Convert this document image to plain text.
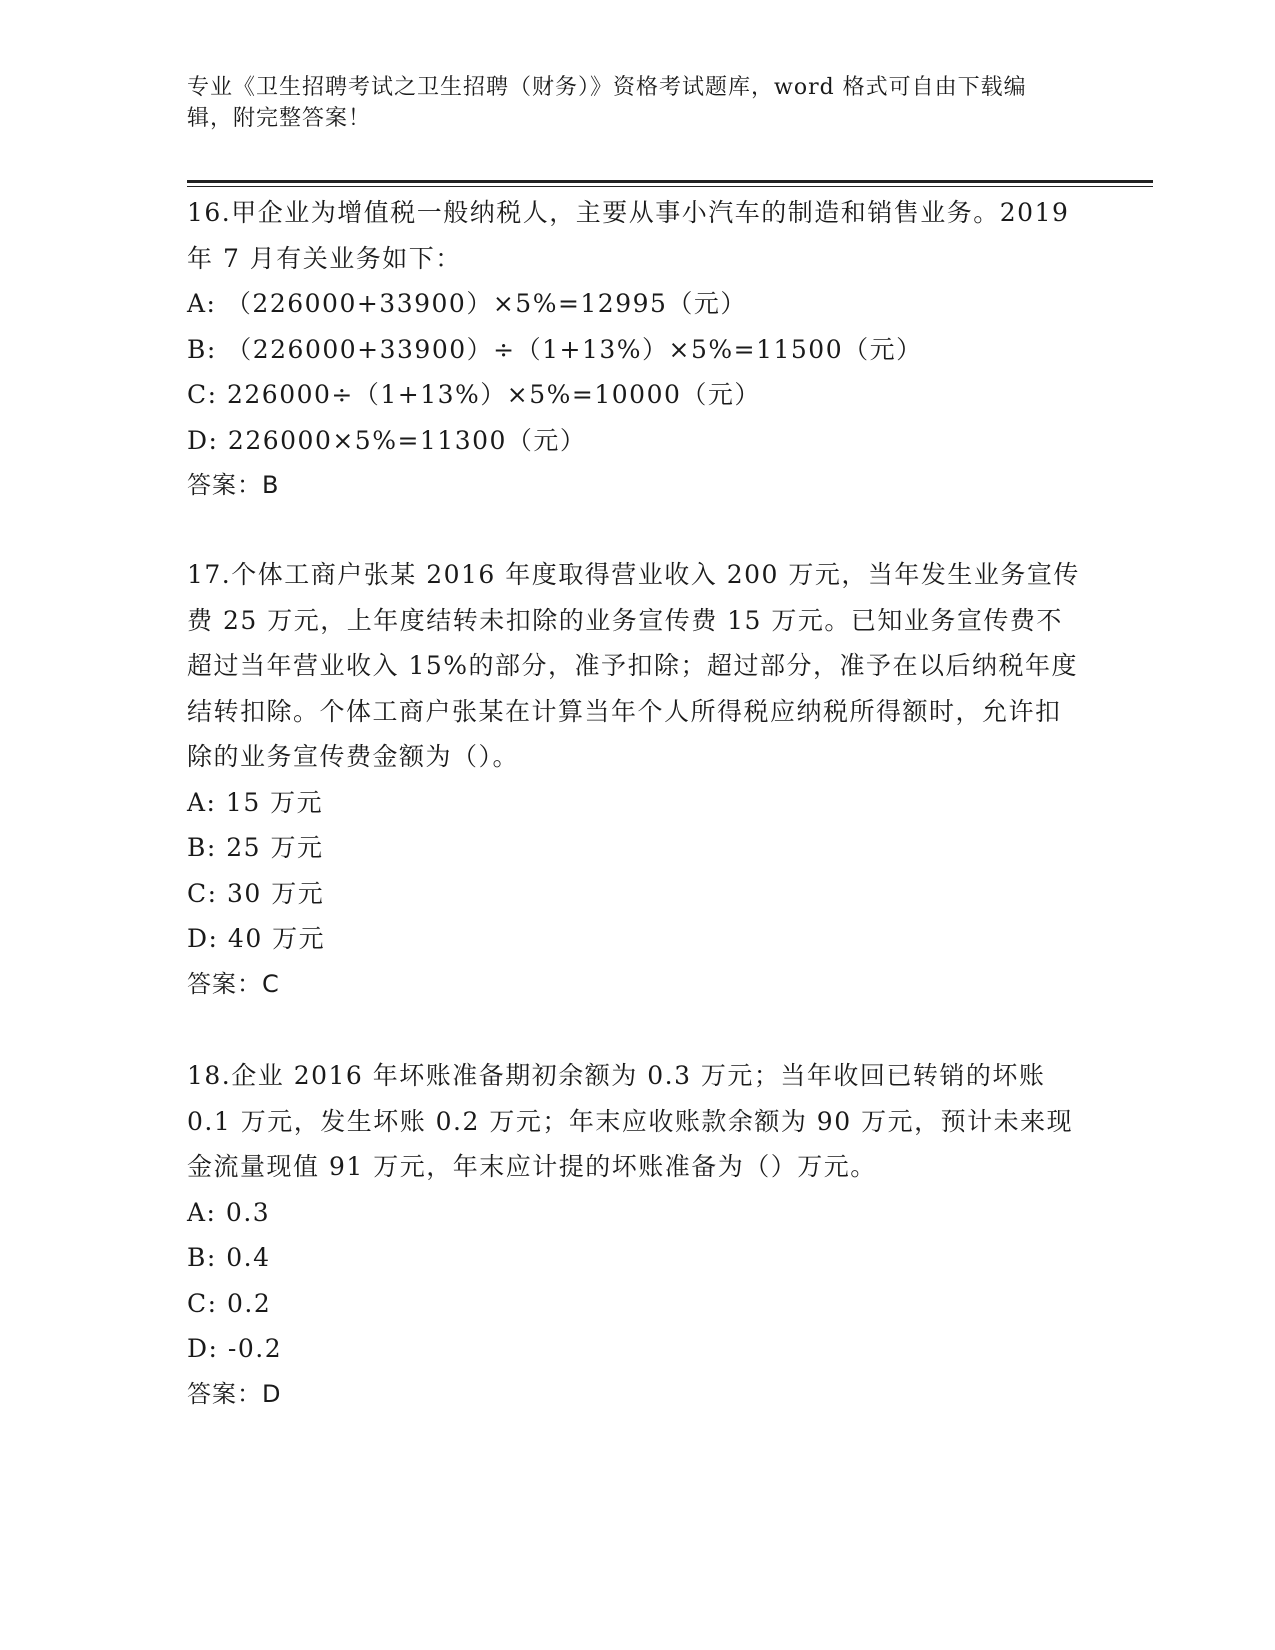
专业《卫生招聘考试之卫生招聘（财务）》资格考试题库，word 格式可自由下载编辑，附完整答案！

16.甲企业为增值税一般纳税人，主要从事小汽车的制造和销售业务。2019 年 7 月有关业务如下：

A: （226000+33900）×5%=12995（元）

B: （226000+33900）÷（1+13%）×5%=11500（元）

C: 226000÷（1+13%）×5%=10000（元）

D: 226000×5%=11300（元）

答案：B

17.个体工商户张某 2016 年度取得营业收入 200 万元，当年发生业务宣传费 25 万元，上年度结转未扣除的业务宣传费 15 万元。已知业务宣传费不超过当年营业收入 15%的部分，准予扣除；超过部分，准予在以后纳税年度结转扣除。个体工商户张某在计算当年个人所得税应纳税所得额时，允许扣除的业务宣传费金额为（）。

A: 15 万元

B: 25 万元

C: 30 万元

D: 40 万元

答案：C

18.企业 2016 年坏账准备期初余额为 0.3 万元；当年收回已转销的坏账 0.1 万元，发生坏账 0.2 万元；年末应收账款余额为 90 万元，预计未来现金流量现值 91 万元，年末应计提的坏账准备为（）万元。

A: 0.3

B: 0.4

C: 0.2

D: -0.2

答案：D
